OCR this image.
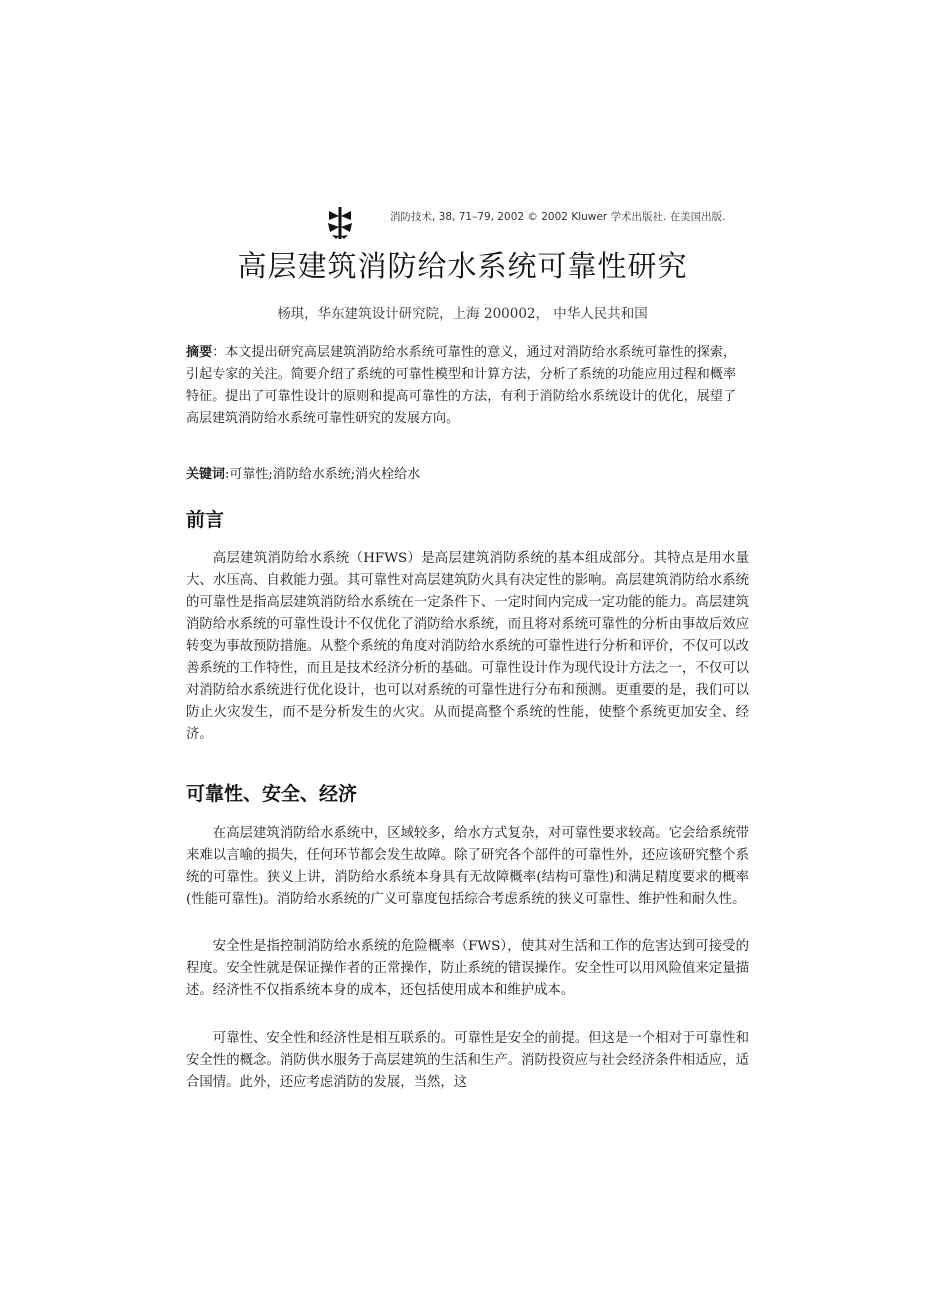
消防技术, 38, 71–79, 2002 © 2002 Kluwer 学术出版社. 在美国出版.
高层建筑消防给水系统可靠性研究
杨琪，华东建筑设计研究院，上海 200002， 中华人民共和国
摘要：本文提出研究高层建筑消防给水系统可靠性的意义，通过对消防给水系统可靠性的探索，引起专家的关注。简要介绍了系统的可靠性模型和计算方法，分析了系统的功能应用过程和概率特征。提出了可靠性设计的原则和提高可靠性的方法，有利于消防给水系统设计的优化，展望了高层建筑消防给水系统可靠性研究的发展方向。
关键词:可靠性;消防给水系统;消火栓给水
前言
高层建筑消防给水系统（HFWS）是高层建筑消防系统的基本组成部分。其特点是用水量大、水压高、自救能力强。其可靠性对高层建筑防火具有决定性的影响。高层建筑消防给水系统的可靠性是指高层建筑消防给水系统在一定条件下、一定时间内完成一定功能的能力。高层建筑消防给水系统的可靠性设计不仅优化了消防给水系统，而且将对系统可靠性的分析由事故后效应转变为事故预防措施。从整个系统的角度对消防给水系统的可靠性进行分析和评价，不仅可以改善系统的工作特性，而且是技术经济分析的基础。可靠性设计作为现代设计方法之一，不仅可以对消防给水系统进行优化设计，也可以对系统的可靠性进行分布和预测。更重要的是，我们可以防止火灾发生，而不是分析发生的火灾。从而提高整个系统的性能，使整个系统更加安全、经济。
可靠性、安全、经济
在高层建筑消防给水系统中，区域较多，给水方式复杂，对可靠性要求较高。它会给系统带来难以言喻的损失，任何环节都会发生故障。除了研究各个部件的可靠性外，还应该研究整个系统的可靠性。狭义上讲，消防给水系统本身具有无故障概率(结构可靠性)和满足精度要求的概率(性能可靠性)。消防给水系统的广义可靠度包括综合考虑系统的狭义可靠性、维护性和耐久性。
安全性是指控制消防给水系统的危险概率（FWS），使其对生活和工作的危害达到可接受的程度。安全性就是保证操作者的正常操作，防止系统的错误操作。安全性可以用风险值来定量描述。经济性不仅指系统本身的成本，还包括使用成本和维护成本。
可靠性、安全性和经济性是相互联系的。可靠性是安全的前提。但这是一个相对于可靠性和安全性的概念。消防供水服务于高层建筑的生活和生产。消防投资应与社会经济条件相适应，适合国情。此外，还应考虑消防的发展，当然，这
